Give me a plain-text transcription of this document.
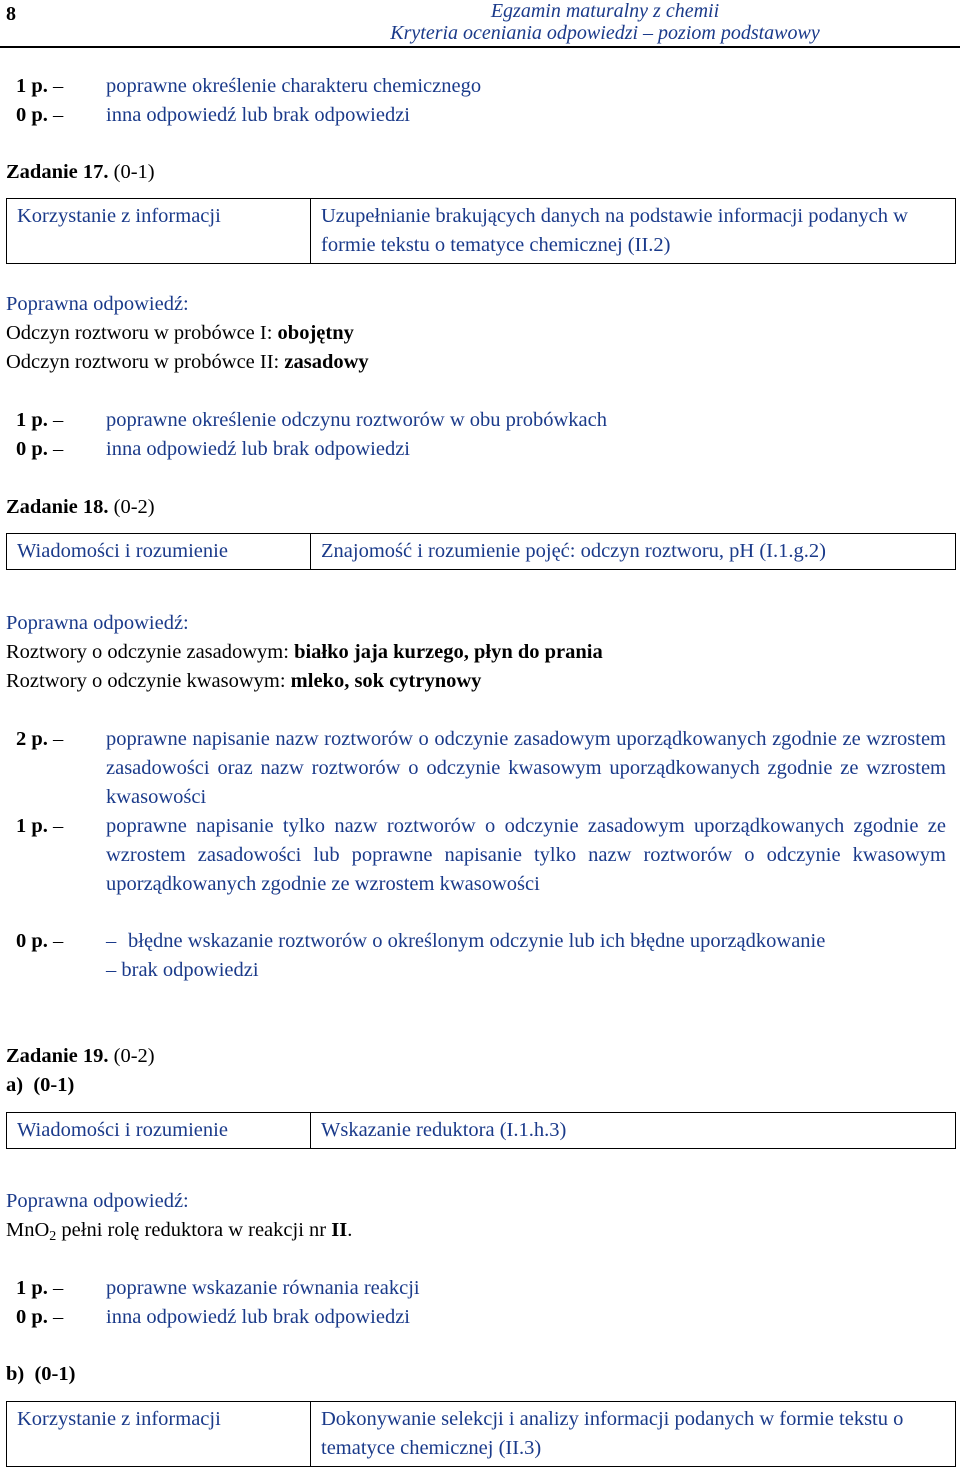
8	Egzamin maturalny z chemii
Kryteria oceniania odpowiedzi – poziom podstawowy
1 p. – poprawne określenie charakteru chemicznego
0 p. – inna odpowiedź lub brak odpowiedzi
Zadanie 17. (0-1)
Korzystanie z informacji	Uzupełnianie brakujących danych na podstawie informacji podanych w formie tekstu o tematyce chemicznej (II.2)
Poprawna odpowiedź:
Odczyn roztworu w probówce I: obojętny
Odczyn roztworu w probówce II: zasadowy
1 p. – poprawne określenie odczynu roztworów w obu probówkach
0 p. – inna odpowiedź lub brak odpowiedzi
Zadanie 18. (0-2)
Wiadomości i rozumienie	Znajomość i rozumienie pojęć: odczyn roztworu, pH (I.1.g.2)
Poprawna odpowiedź:
Roztwory o odczynie zasadowym: białko jaja kurzego, płyn do prania
Roztwory o odczynie kwasowym: mleko, sok cytrynowy
2 p. – poprawne napisanie nazw roztworów o odczynie zasadowym uporządkowanych zgodnie ze wzrostem zasadowości oraz nazw roztworów o odczynie kwasowym uporządkowanych zgodnie ze wzrostem kwasowości
1 p. – poprawne napisanie tylko nazw roztworów o odczynie zasadowym uporządkowanych zgodnie ze wzrostem zasadowości lub poprawne napisanie tylko nazw roztworów o odczynie kwasowym uporządkowanych zgodnie ze wzrostem kwasowości
0 p. – – błędne wskazanie roztworów o określonym odczynie lub ich błędne uporządkowanie
– brak odpowiedzi
Zadanie 19. (0-2)
a) (0-1)
Wiadomości i rozumienie	Wskazanie reduktora (I.1.h.3)
Poprawna odpowiedź:
MnO$_2$ pełni rolę reduktora w reakcji nr II.
1 p. – poprawne wskazanie równania reakcji
0 p. – inna odpowiedź lub brak odpowiedzi
b) (0-1)
Korzystanie z informacji	Dokonywanie selekcji i analizy informacji podanych w formie tekstu o tematyce chemicznej (II.3)
